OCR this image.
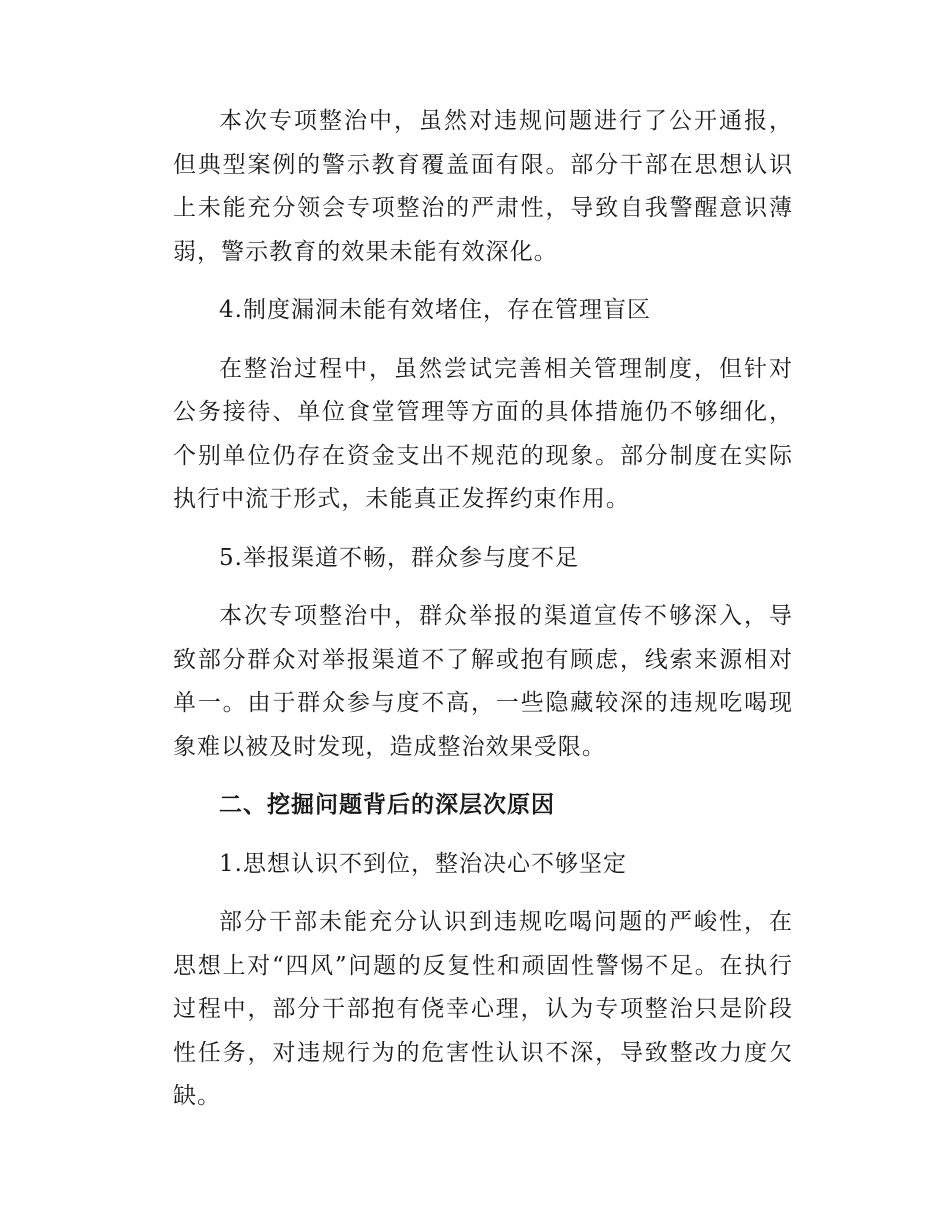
本次专项整治中，虽然对违规问题进行了公开通报，但典型案例的警示教育覆盖面有限。部分干部在思想认识上未能充分领会专项整治的严肃性，导致自我警醒意识薄弱，警示教育的效果未能有效深化。

4.制度漏洞未能有效堵住，存在管理盲区

在整治过程中，虽然尝试完善相关管理制度，但针对公务接待、单位食堂管理等方面的具体措施仍不够细化，个别单位仍存在资金支出不规范的现象。部分制度在实际执行中流于形式，未能真正发挥约束作用。

5.举报渠道不畅，群众参与度不足

本次专项整治中，群众举报的渠道宣传不够深入，导致部分群众对举报渠道不了解或抱有顾虑，线索来源相对单一。由于群众参与度不高，一些隐藏较深的违规吃喝现象难以被及时发现，造成整治效果受限。

二、挖掘问题背后的深层次原因

1.思想认识不到位，整治决心不够坚定

部分干部未能充分认识到违规吃喝问题的严峻性，在思想上对“四风”问题的反复性和顽固性警惕不足。在执行过程中，部分干部抱有侥幸心理，认为专项整治只是阶段性任务，对违规行为的危害性认识不深，导致整改力度欠缺。
